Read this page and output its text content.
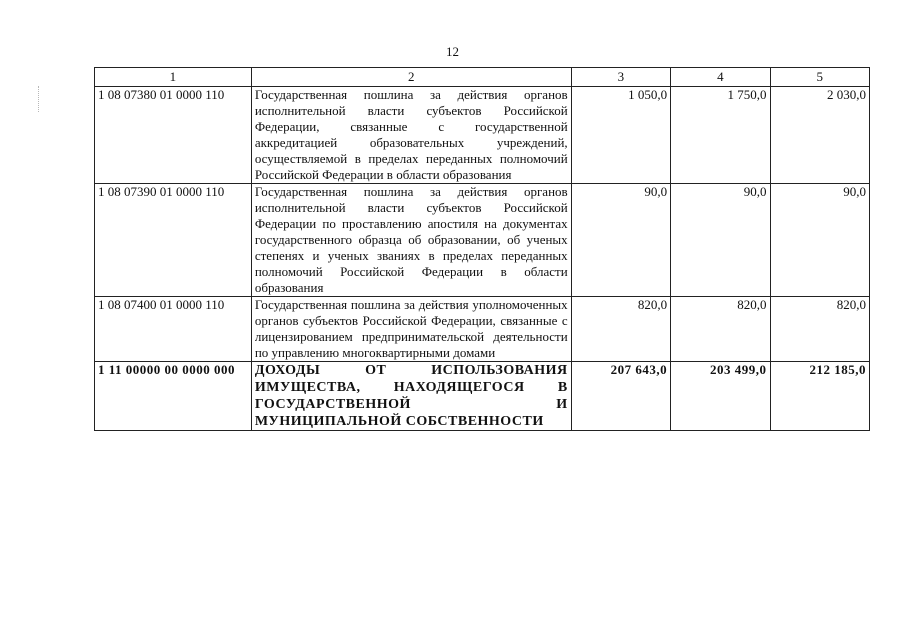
12
1	2	3	4	5
1 08 07380 01 0000 110	Государственная пошлина за действия органов исполнительной власти субъектов Российской Федерации, связанные с государственной аккредитацией образовательных учреждений, осуществляемой в пределах переданных полномочий Российской Федерации в области образования	1 050,0	1 750,0	2 030,0
1 08 07390 01 0000 110	Государственная пошлина за действия органов исполнительной власти субъектов Российской Федерации по проставлению апостиля на документах государственного образца об образовании, об ученых степенях и ученых званиях в пределах переданных полномочий Российской Федерации в области образования	90,0	90,0	90,0
1 08 07400 01 0000 110	Государственная пошлина за действия уполномоченных органов субъектов Российской Федерации, связанные с лицензированием предпринимательской деятельности по управлению многоквартирными домами	820,0	820,0	820,0
1 11 00000 00 0000 000	ДОХОДЫ ОТ ИСПОЛЬЗОВАНИЯ ИМУЩЕСТВА, НАХОДЯЩЕГОСЯ В ГОСУДАРСТВЕННОЙ И МУНИЦИПАЛЬНОЙ СОБСТВЕННОСТИ	207 643,0	203 499,0	212 185,0
